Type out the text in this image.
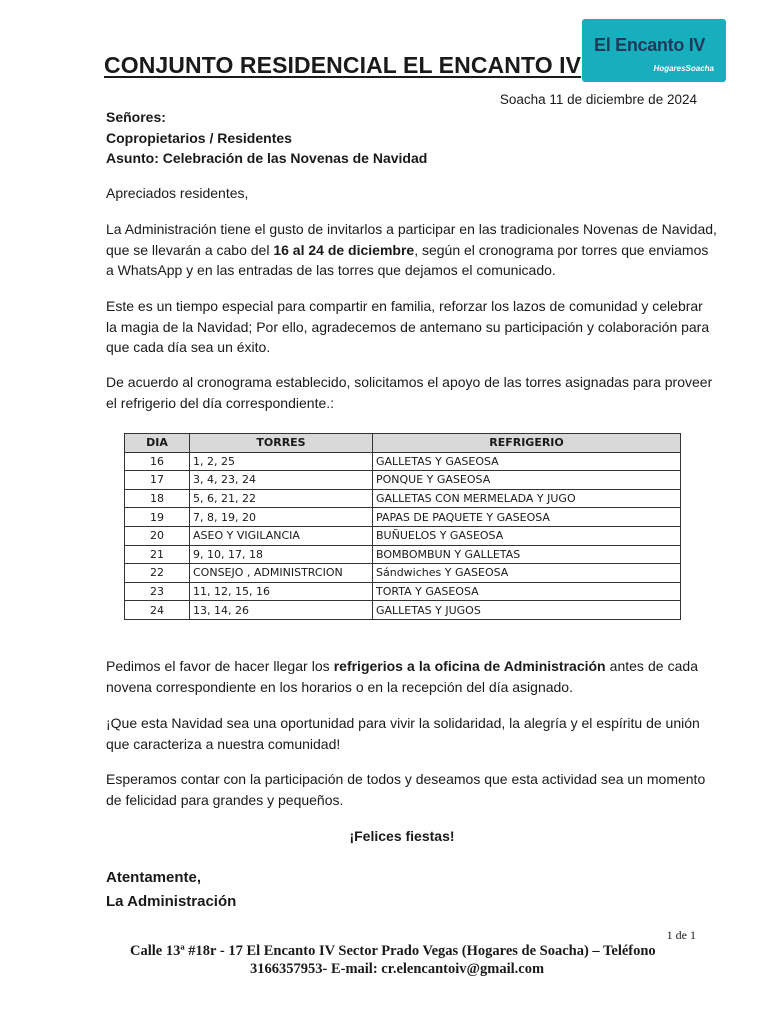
CONJUNTO RESIDENCIAL EL ENCANTO IV
El Encanto IV
HogaresSoacha
Soacha 11 de diciembre de 2024
Señores:
Copropietarios / Residentes
Asunto: Celebración de las Novenas de Navidad
Apreciados residentes,
La Administración tiene el gusto de invitarlos a participar en las tradicionales Novenas de Navidad,
que se llevarán a cabo del 16 al 24 de diciembre, según el cronograma por torres que enviamos
a WhatsApp y en las entradas de las torres que dejamos el comunicado.
Este es un tiempo especial para compartir en familia, reforzar los lazos de comunidad y celebrar
la magia de la Navidad; Por ello, agradecemos de antemano su participación y colaboración para
que cada día sea un éxito.
De acuerdo al cronograma establecido, solicitamos el apoyo de las torres asignadas para proveer
el refrigerio del día correspondiente.:
DIA	TORRES	REFRIGERIO
16	1, 2, 25	GALLETAS Y GASEOSA
17	3, 4, 23, 24	PONQUE Y GASEOSA
18	5, 6, 21, 22	GALLETAS CON MERMELADA Y JUGO
19	7, 8, 19, 20	PAPAS DE PAQUETE Y GASEOSA
20	ASEO Y VIGILANCIA	BUÑUELOS Y GASEOSA
21	9, 10, 17, 18	BOMBOMBUN Y GALLETAS
22	CONSEJO , ADMINISTRCION	Sándwiches Y GASEOSA
23	11, 12, 15, 16	TORTA Y GASEOSA
24	13, 14, 26	GALLETAS Y JUGOS
Pedimos el favor de hacer llegar los refrigerios a la oficina de Administración antes de cada
novena correspondiente en los horarios o en la recepción del día asignado.
¡Que esta Navidad sea una oportunidad para vivir la solidaridad, la alegría y el espíritu de unión
que caracteriza a nuestra comunidad!
Esperamos contar con la participación de todos y deseamos que esta actividad sea un momento
de felicidad para grandes y pequeños.
¡Felices fiestas!
Atentamente,
La Administración
1 de 1
Calle 13ª #18r - 17 El Encanto IV Sector Prado Vegas (Hogares de Soacha) – Teléfono
3166357953- E-mail: cr.elencantoiv@gmail.com
